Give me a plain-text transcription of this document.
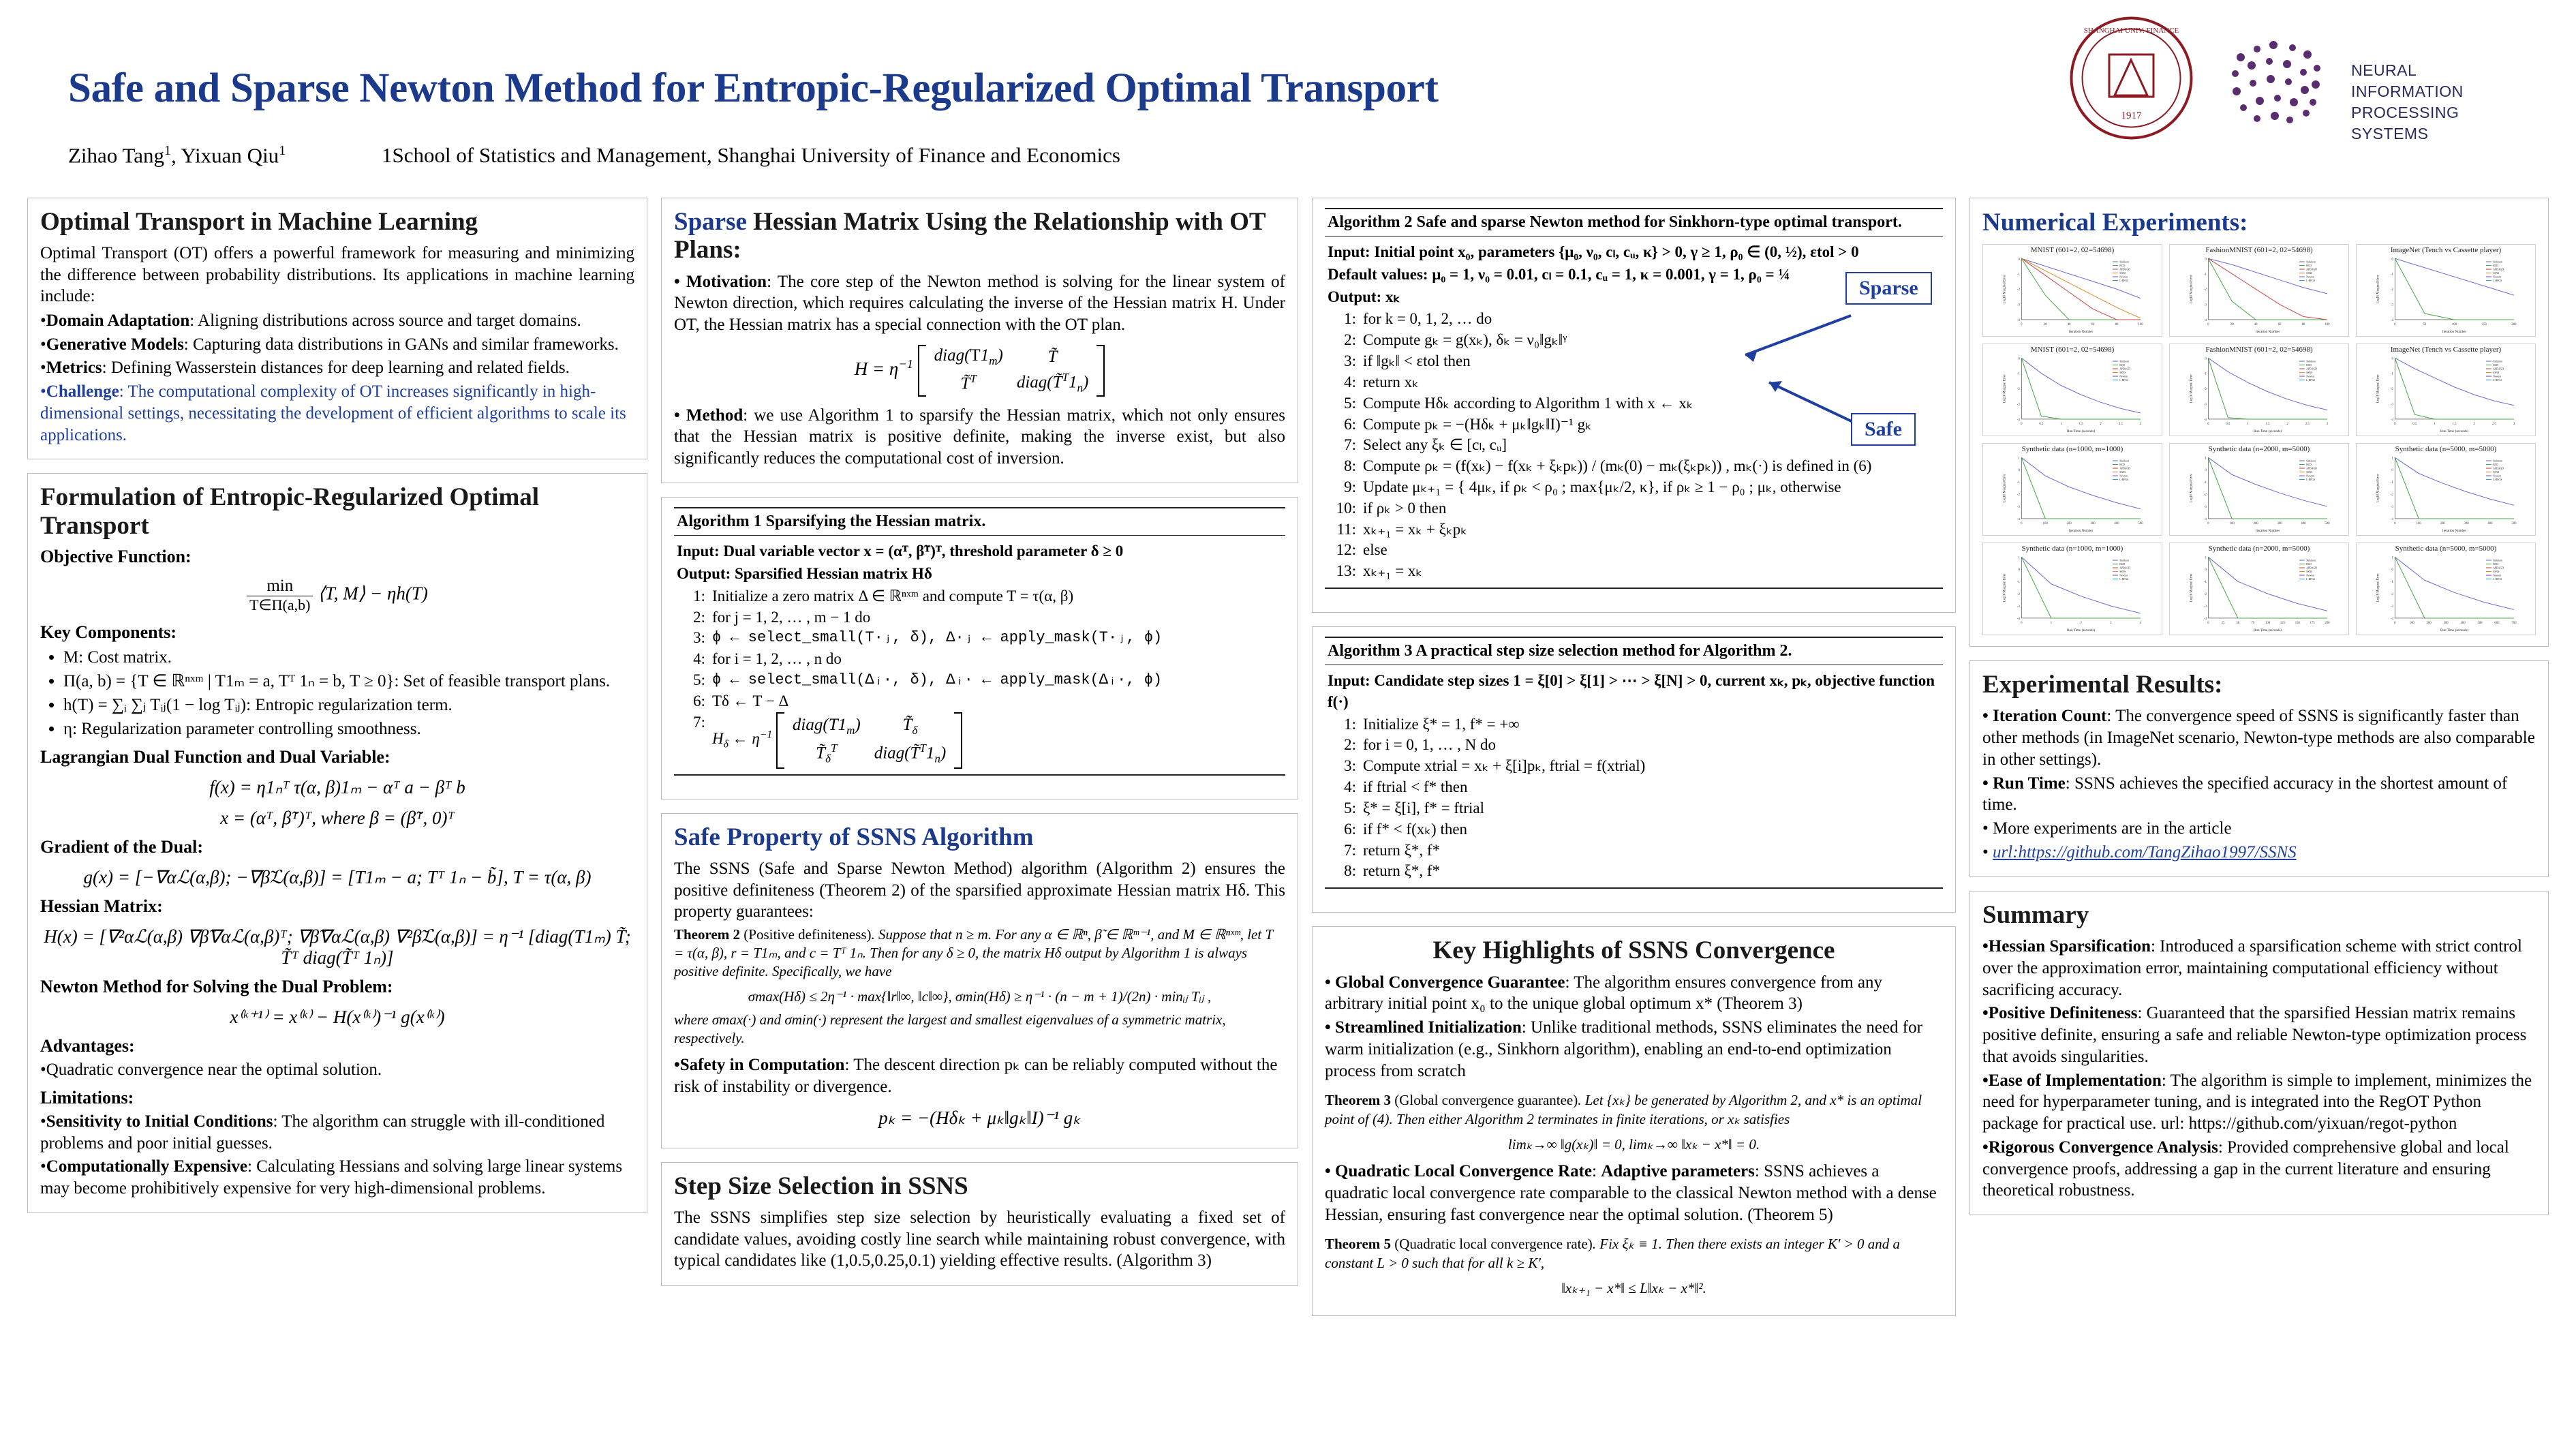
Safe and Sparse Newton Method for Entropic-Regularized Optimal Transport
Zihao Tang$^1$, Yixuan Qiu$^1$	1School of Statistics and Management, Shanghai University of Finance and Economics
1917
SHANGHAI UNIV. FINANCE
NEURAL INFORMATION
PROCESSING SYSTEMS
Optimal Transport in Machine Learning

Optimal Transport (OT) offers a powerful framework for measuring and minimizing the difference between probability distributions. Its applications in machine learning include:

•Domain Adaptation: Aligning distributions across source and target domains.
•Generative Models: Capturing data distributions in GANs and similar frameworks.
•Metrics: Defining Wasserstein distances for deep learning and related fields.
•Challenge: The computational complexity of OT increases significantly in high-dimensional settings, necessitating the development of efficient algorithms to scale its applications.
Formulation of Entropic-Regularized Optimal Transport
Objective Function:
$\frac{\min}{T\in\Pi(a,b)}$ ⟨T, M⟩ − ηh(T)
Key Components:
• M: Cost matrix.
• Π(a, b) = {T ∈ ℝⁿˣᵐ | T1ₘ = a, Tᵀ 1ₙ = b, T ≥ 0}: Set of feasible transport plans.
• h(T) = ∑ᵢ ∑ⱼ Tᵢⱼ(1 − log Tᵢⱼ): Entropic regularization term.
• η: Regularization parameter controlling smoothness.
Lagrangian Dual Function and Dual Variable:
f(x) = η1ₙᵀ τ(α, β)1ₘ − αᵀ a − βᵀ b
x = (αᵀ, β̃ᵀ)ᵀ, where β = (β̃ᵀ, 0)ᵀ
Gradient of the Dual:
g(x) = [−∇αℒ(α,β); −∇β̃ℒ(α,β)] = [T1ₘ − a; Tᵀ 1ₙ − b̃], T = τ(α, β)
Hessian Matrix:
H(x) = [∇²αℒ(α,β) ∇β̃∇αℒ(α,β)ᵀ; ∇β̃∇αℒ(α,β) ∇²β̃ℒ(α,β)] = η⁻¹ [diag(T1ₘ) T̃; T̃ᵀ diag(T̃ᵀ 1ₙ)]
Newton Method for Solving the Dual Problem:
x⁽ᵏ⁺¹⁾ = x⁽ᵏ⁾ − H(x⁽ᵏ⁾)⁻¹ g(x⁽ᵏ⁾)
Advantages:

•Quadratic convergence near the optimal solution.

Limitations:
•Sensitivity to Initial Conditions: The algorithm can struggle with ill-conditioned problems and poor initial guesses.
•Computationally Expensive: Calculating Hessians and solving large linear systems may become prohibitively expensive for very high-dimensional problems.
Sparse Hessian Matrix Using the Relationship with OT Plans:

• Motivation: The core step of the Newton method is solving for the linear system of Newton direction, which requires calculating the inverse of the Hessian matrix H. Under OT, the Hessian matrix has a special connection with the OT plan.

$H = \eta^{-1}$ $diag(T1_m)$	T̃
T̃$^T$	$diag(T̃^T1_n)$

• Method: we use Algorithm 1 to sparsify the Hessian matrix, which not only ensures that the Hessian matrix is positive definite, making the inverse exist, but also significantly reduces the computational cost of inversion.

Algorithm 1 Sparsifying the Hessian matrix.
Input: Dual variable vector x = (αᵀ, β̃ᵀ)ᵀ, threshold parameter δ ≥ 0
Output: Sparsified Hessian matrix Hδ
1: Initialize a zero matrix Δ ∈ ℝⁿˣᵐ and compute T = τ(α, β)
2: for j = 1, 2, … , m − 1 do
3: ϕ ← select_small(T·ⱼ, δ), Δ·ⱼ ← apply_mask(T·ⱼ, ϕ)
4: for i = 1, 2, … , n do
5: ϕ ← select_small(Δᵢ·, δ), Δᵢ· ← apply_mask(Δᵢ·, ϕ)
6: Tδ ← T − Δ
7:
$H_\delta$ ← $\eta^{-1}$
$diag(T1_m)$	$T̃_\delta$
$T̃_\delta^T$	$diag(T̃^T1_n)$
Safe Property of SSNS Algorithm

The SSNS (Safe and Sparse Newton Method) algorithm (Algorithm 2) ensures the positive definiteness (Theorem 2) of the sparsified approximate Hessian matrix Hδ. This property guarantees:

Theorem 2 (Positive definiteness). Suppose that n ≥ m. For any α ∈ ℝⁿ, β̃ ∈ ℝᵐ⁻¹, and M ∈ ℝⁿˣᵐ, let T = τ(α, β), r = T1ₘ, and c = Tᵀ 1ₙ. Then for any δ ≥ 0, the matrix Hδ output by Algorithm 1 is always positive definite. Specifically, we have
σmax(Hδ) ≤ 2η⁻¹ · max{‖r‖∞, ‖c‖∞}, σmin(Hδ) ≥ η⁻¹ · (n − m + 1)/(2n) · minᵢⱼ Tᵢⱼ ,
where σmax(·) and σmin(·) represent the largest and smallest eigenvalues of a symmetric matrix, respectively.
•Safety in Computation: The descent direction pₖ can be reliably computed without the risk of instability or divergence.
pₖ = −(Hδₖ + μₖ‖gₖ‖I)⁻¹ gₖ
Step Size Selection in SSNS

The SSNS simplifies step size selection by heuristically evaluating a fixed set of candidate values, avoiding costly line search while maintaining robust convergence, with typical candidates like (1,0.5,0.25,0.1) yielding effective results. (Algorithm 3)

Algorithm 2 Safe and sparse Newton method for Sinkhorn-type optimal transport.
Input: Initial point x₀, parameters {μ₀, ν₀, cₗ, cᵤ, κ} > 0, γ ≥ 1, ρ₀ ∈ (0, ½), εtol > 0
Default values: μ₀ = 1, ν₀ = 0.01, cₗ = 0.1, cᵤ = 1, κ = 0.001, γ = 1, ρ₀ = ¼
Output: xₖ
1: for k = 0, 1, 2, … do
2: Compute gₖ = g(xₖ), δₖ = ν₀‖gₖ‖ᵞ
3: if ‖gₖ‖ < εtol then
4: return xₖ
5: Compute Hδₖ according to Algorithm 1 with x ← xₖ
6: Compute pₖ = −(Hδₖ + μₖ‖gₖ‖I)⁻¹ gₖ
7: Select any ξₖ ∈ [cₗ, cᵤ]
8: Compute ρₖ = (f(xₖ) − f(xₖ + ξₖpₖ)) / (mₖ(0) − mₖ(ξₖpₖ)) , mₖ(·) is defined in (6)
9: Update μₖ₊₁ = { 4μₖ, if ρₖ < ρ₀ ; max{μₖ/2, κ}, if ρₖ ≥ 1 − ρ₀ ; μₖ, otherwise
10: if ρₖ > 0 then
11: xₖ₊₁ = xₖ + ξₖpₖ
12: else
13: xₖ₊₁ = xₖ
Sparse
Safe
Algorithm 3 A practical step size selection method for Algorithm 2.
Input: Candidate step sizes 1 = ξ[0] > ξ[1] > ⋯ > ξ[N] > 0, current xₖ, pₖ, objective function f(·)
1: Initialize ξ* = 1, f* = +∞
2: for i = 0, 1, … , N do
3: Compute xtrial = xₖ + ξ[i]pₖ, ftrial = f(xtrial)
4: if ftrial < f* then
5: ξ* = ξ[i], f* = ftrial
6: if f* < f(xₖ) then
7: return ξ*, f*
8: return ξ*, f*
Key Highlights of SSNS Convergence
• Global Convergence Guarantee: The algorithm ensures convergence from any arbitrary initial point x₀ to the unique global optimum x* (Theorem 3)
• Streamlined Initialization: Unlike traditional methods, SSNS eliminates the need for warm initialization (e.g., Sinkhorn algorithm), enabling an end-to-end optimization process from scratch
Theorem 3 (Global convergence guarantee). Let {xₖ} be generated by Algorithm 2, and x* is an optimal point of (4). Then either Algorithm 2 terminates in finite iterations, or xₖ satisfies
limₖ→∞ ‖g(xₖ)‖ = 0, limₖ→∞ ‖xₖ − x*‖ = 0.
• Quadratic Local Convergence Rate: Adaptive parameters: SSNS achieves a quadratic local convergence rate comparable to the classical Newton method with a dense Hessian, ensuring fast convergence near the optimal solution. (Theorem 5)
Theorem 5 (Quadratic local convergence rate). Fix ξₖ ≡ 1. Then there exists an integer K' > 0 and a constant L > 0 such that for all k ≥ K',
‖xₖ₊₁ − x*‖ ≤ L‖xₖ − x*‖².
Numerical Experiments:
MNIST (601=2, 02=54698)
-4
-3
-2
-1
0
0	20	40	60	80	100
Iteration Number
Log10 Marginal Error
Sinkhorn
BCD
APDAGD
SSNS
Newton
L-BFGS
FashionMNIST (601=2, 02=54698)
-4
-3
-2
-1
0
0	20	40	60	80	100
Iteration Number
Log10 Marginal Error
Sinkhorn
BCD
APDAGD
SSNS
Newton
L-BFGS
ImageNet (Tench vs Cassette player)
-4
-3
-2
-1
0
0	50	100	150	200
Iteration Number
Log10 Marginal Error
Sinkhorn
BCD
APDAGD
SSNS
Newton
L-BFGS
MNIST (601=2, 02=54698)
-4
-3
-2
-1
0
0	0.5	1	1.5	2	2.5	3
Run Time (seconds)
Log10 Marginal Error
Sinkhorn
BCD
APDAGD
SSNS
Newton
L-BFGS
FashionMNIST (601=2, 02=54698)
-4
-3
-2
-1
0
0	0.5	1	1.5	2	2.5	3
Run Time (seconds)
Log10 Marginal Error
Sinkhorn
BCD
APDAGD
SSNS
Newton
L-BFGS
ImageNet (Tench vs Cassette player)
-4
-3
-2
-1
0
0	0.5	1	1.5	2	2.5	3
Run Time (seconds)
Log10 Marginal Error
Sinkhorn
BCD
APDAGD
SSNS
Newton
L-BFGS
Synthetic data (n=1000, m=1000)
-4
-3
-2
-1
0
1
0	100	200	300	400	500
Iteration Number
Log10 Marginal Error
Sinkhorn
BCD
APDAGD
SSNS
Newton
L-BFGS
Synthetic data (n=2000, m=5000)
-4
-3
-2
-1
0
1
0	100	200	300	400	500
Iteration Number
Log10 Marginal Error
Sinkhorn
BCD
APDAGD
SSNS
Newton
L-BFGS
Synthetic data (n=5000, m=5000)
-4
-3
-2
-1
0
1
0	100	200	300	400	500
Iteration Number
Log10 Marginal Error
Sinkhorn
BCD
APDAGD
SSNS
Newton
L-BFGS
Synthetic data (n=1000, m=1000)
-4
-3
-2
-1
0
1
0	1	2	3	4
Run Time (seconds)
Log10 Marginal Error
Sinkhorn
BCD
APDAGD
SSNS
Newton
L-BFGS
Synthetic data (n=2000, m=5000)
-4
-3
-2
-1
0
1
0	25	50	75	100 125 150 175 200
Run Time (seconds)
Log10 Marginal Error
Sinkhorn
BCD
APDAGD
SSNS
Newton
L-BFGS
Synthetic data (n=5000, m=5000)
-4
-3
-2
-1
0
1
0	100	200	300	400	500	600	700
Run Time (seconds)
Log10 Marginal Error
Sinkhorn
BCD
APDAGD
SSNS
Newton
L-BFGS
Experimental Results:
• Iteration Count: The convergence speed of SSNS is significantly faster than other methods (in ImageNet scenario, Newton-type methods are also comparable in other settings).
• Run Time: SSNS achieves the specified accuracy in the shortest amount of time.
• More experiments are in the article
• url:https://github.com/TangZihao1997/SSNS
Summary
•Hessian Sparsification: Introduced a sparsification scheme with strict control over the approximation error, maintaining computational efficiency without sacrificing accuracy.
•Positive Definiteness: Guaranteed that the sparsified Hessian matrix remains positive definite, ensuring a safe and reliable Newton-type optimization process that avoids singularities.
•Ease of Implementation: The algorithm is simple to implement, minimizes the need for hyperparameter tuning, and is integrated into the RegOT Python package for practical use. url: https://github.com/yixuan/regot-python
•Rigorous Convergence Analysis: Provided comprehensive global and local convergence proofs, addressing a gap in the current literature and ensuring theoretical robustness.
